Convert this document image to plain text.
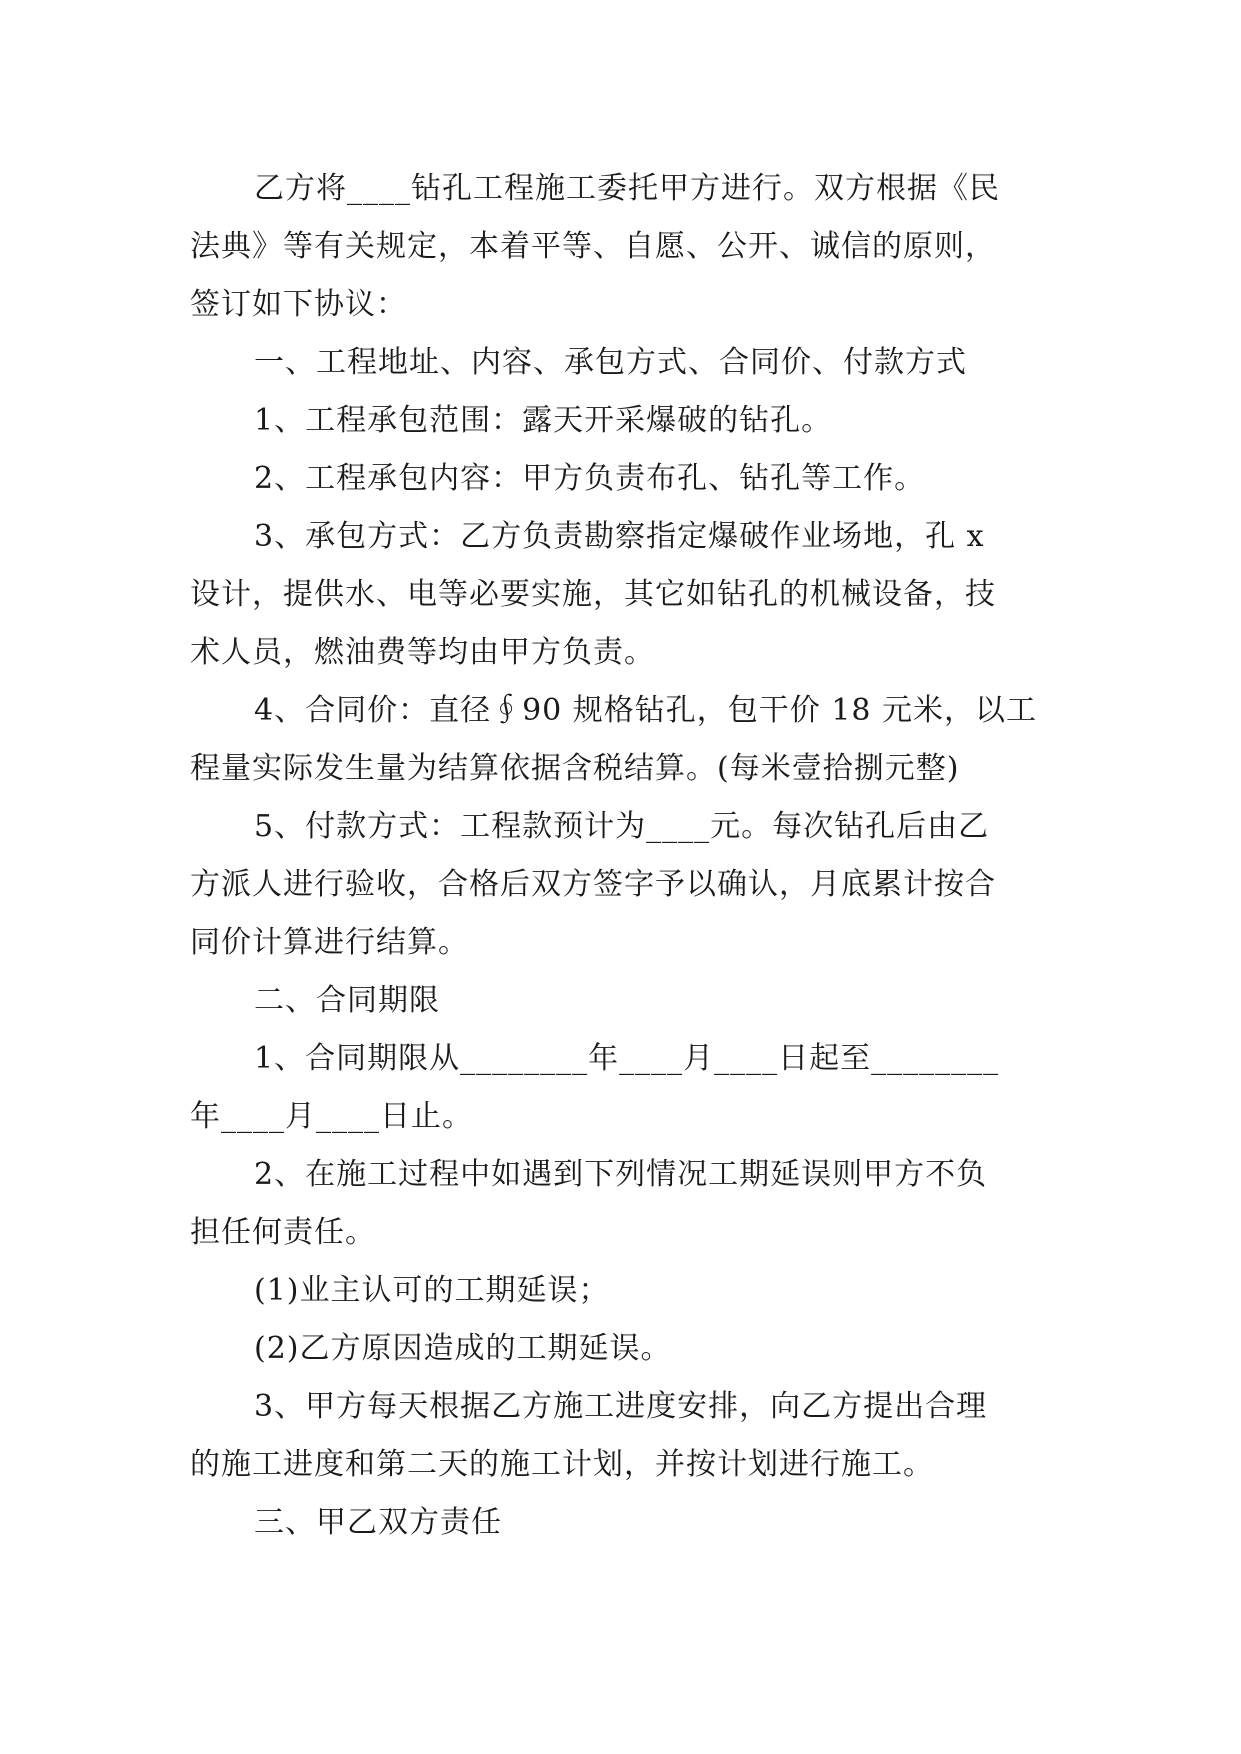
乙方将____钻孔工程施工委托甲方进行。双方根据《民
法典》等有关规定，本着平等、自愿、公开、诚信的原则，
签订如下协议：
一、工程地址、内容、承包方式、合同价、付款方式
1、工程承包范围：露天开采爆破的钻孔。
2、工程承包内容：甲方负责布孔、钻孔等工作。
3、承包方式：乙方负责勘察指定爆破作业场地，孔 x
设计，提供水、电等必要实施，其它如钻孔的机械设备，技
术人员，燃油费等均由甲方负责。
4、合同价：直径∮90 规格钻孔，包干价 18 元米，以工
程量实际发生量为结算依据含税结算。(每米壹拾捌元整)
5、付款方式：工程款预计为____元。每次钻孔后由乙
方派人进行验收，合格后双方签字予以确认，月底累计按合
同价计算进行结算。
二、合同期限
1、合同期限从________年____月____日起至________
年____月____日止。
2、在施工过程中如遇到下列情况工期延误则甲方不负
担任何责任。
(1)业主认可的工期延误；
(2)乙方原因造成的工期延误。
3、甲方每天根据乙方施工进度安排，向乙方提出合理
的施工进度和第二天的施工计划，并按计划进行施工。
三、甲乙双方责任
